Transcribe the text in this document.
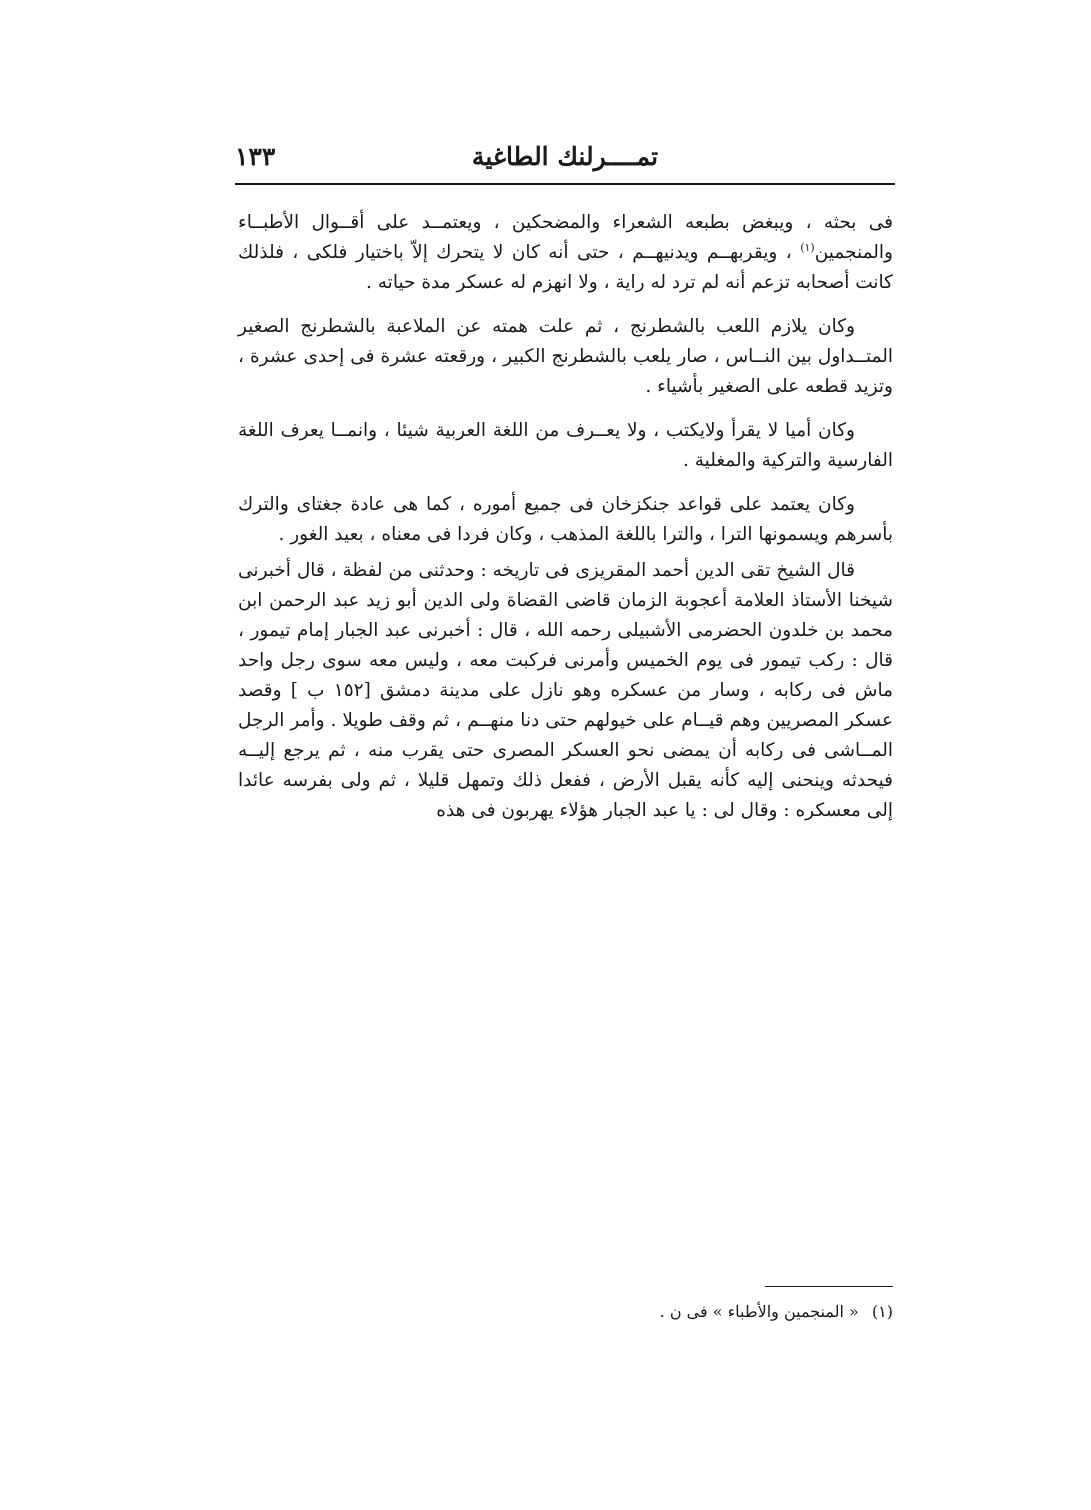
تمــــرلنك الطاغية
١٣٣

فى بحثه ، ويبغض بطبعه الشعراء والمضحكين ، ويعتمــد على أقــوال الأطبــاء والمنجمين$^{(١)}$ ، ويقربهــم ويدنيهــم ، حتى أنه كان لا يتحرك إلاّ باختيار فلكى ، فلذلك كانت أصحابه تزعم أنه لم ترد له راية ، ولا انهزم له عسكر مدة حياته .

وكان يلازم اللعب بالشطرنج ، ثم علت همته عن الملاعبة بالشطرنج الصغير المتــداول بين النــاس ، صار يلعب بالشطرنج الكبير ، ورقعته عشرة فى إحدى عشرة ، وتزيد قطعه على الصغير بأشياء .

وكان أميا لا يقرأ ولايكتب ، ولا يعــرف من اللغة العربية شيئا ، وانمــا يعرف اللغة الفارسية والتركية والمغلية .

وكان يعتمد على قواعد جنكزخان فى جميع أموره ، كما هى عادة جغتاى والترك بأسرهم ويسمونها الترا ، والترا باللغة المذهب ، وكان فردا فى معناه ، بعيد الغور .

قال الشيخ تقى الدين أحمد المقريزى فى تاريخه : وحدثنى من لفظة ، قال أخبرنى شيخنا الأستاذ العلامة أعجوبة الزمان قاضى القضاة ولى الدين أبو زيد عبد الرحمن ابن محمد بن خلدون الحضرمى الأشبيلى رحمه الله ، قال : أخبرنى عبد الجبار إمام تيمور ، قال : ركب تيمور فى يوم الخميس وأمرنى فركبت معه ، وليس معه سوى رجل واحد ماش فى ركابه ، وسار من عسكره وهو نازل على مدينة دمشق [١٥٢ ب ] وقصد عسكر المصريين وهم قيــام على خيولهم حتى دنا منهــم ، ثم وقف طويلا . وأمر الرجل المــاشى فى ركابه أن يمضى نحو العسكر المصرى حتى يقرب منه ، ثم يرجع إليــه فيحدثه وينحنى إليه كأنه يقبل الأرض ، ففعل ذلك وتمهل قليلا ، ثم ولى بفرسه عائدا إلى معسكره : وقال لى : يا عبد الجبار هؤلاء يهربون فى هذه

(١) « المنجمين والأطباء » فى ن .
